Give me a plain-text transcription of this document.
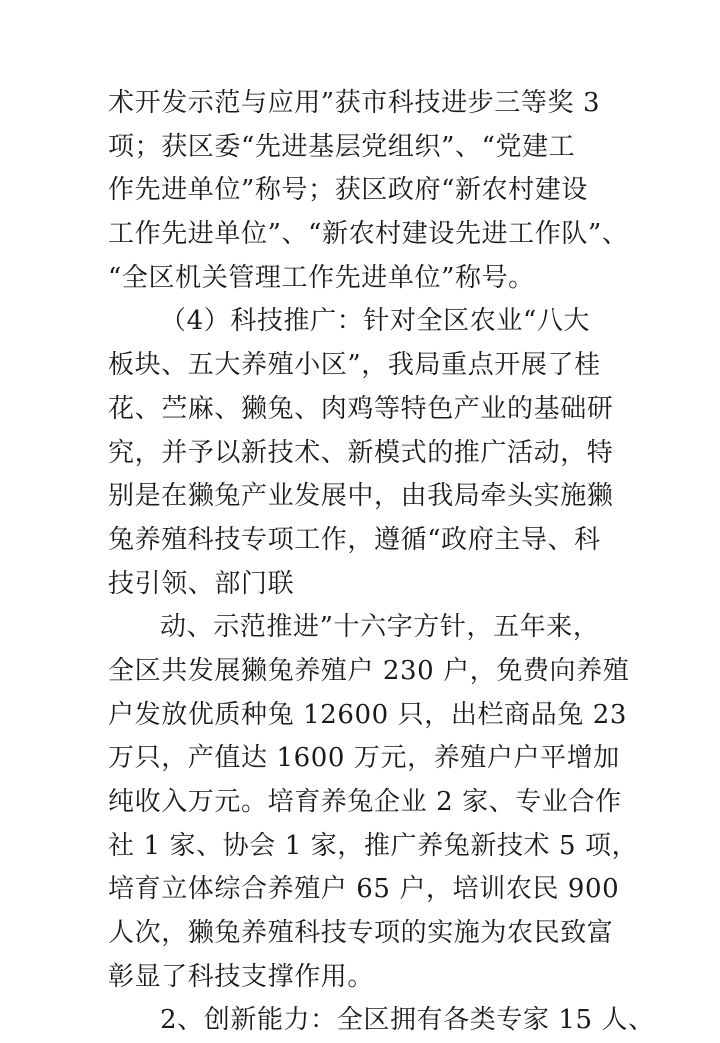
术开发示范与应用”获市科技进步三等奖 3
项；获区委“先进基层党组织”、“党建工
作先进单位”称号；获区政府“新农村建设
工作先进单位”、“新农村建设先进工作队”、
“全区机关管理工作先进单位”称号。
（4）科技推广：针对全区农业“八大
板块、五大养殖小区”，我局重点开展了桂
花、苎麻、獭兔、肉鸡等特色产业的基础研
究，并予以新技术、新模式的推广活动，特
别是在獭兔产业发展中，由我局牵头实施獭
兔养殖科技专项工作，遵循“政府主导、科
技引领、部门联
动、示范推进”十六字方针，五年来，
全区共发展獭兔养殖户 230 户，免费向养殖
户发放优质种兔 12600 只，出栏商品兔 23
万只，产值达 1600 万元，养殖户户平增加
纯收入万元。培育养兔企业 2 家、专业合作
社 1 家、协会 1 家，推广养兔新技术 5 项，
培育立体综合养殖户 65 户，培训农民 900
人次，獭兔养殖科技专项的实施为农民致富
彰显了科技支撑作用。
2、创新能力：全区拥有各类专家 15 人、
